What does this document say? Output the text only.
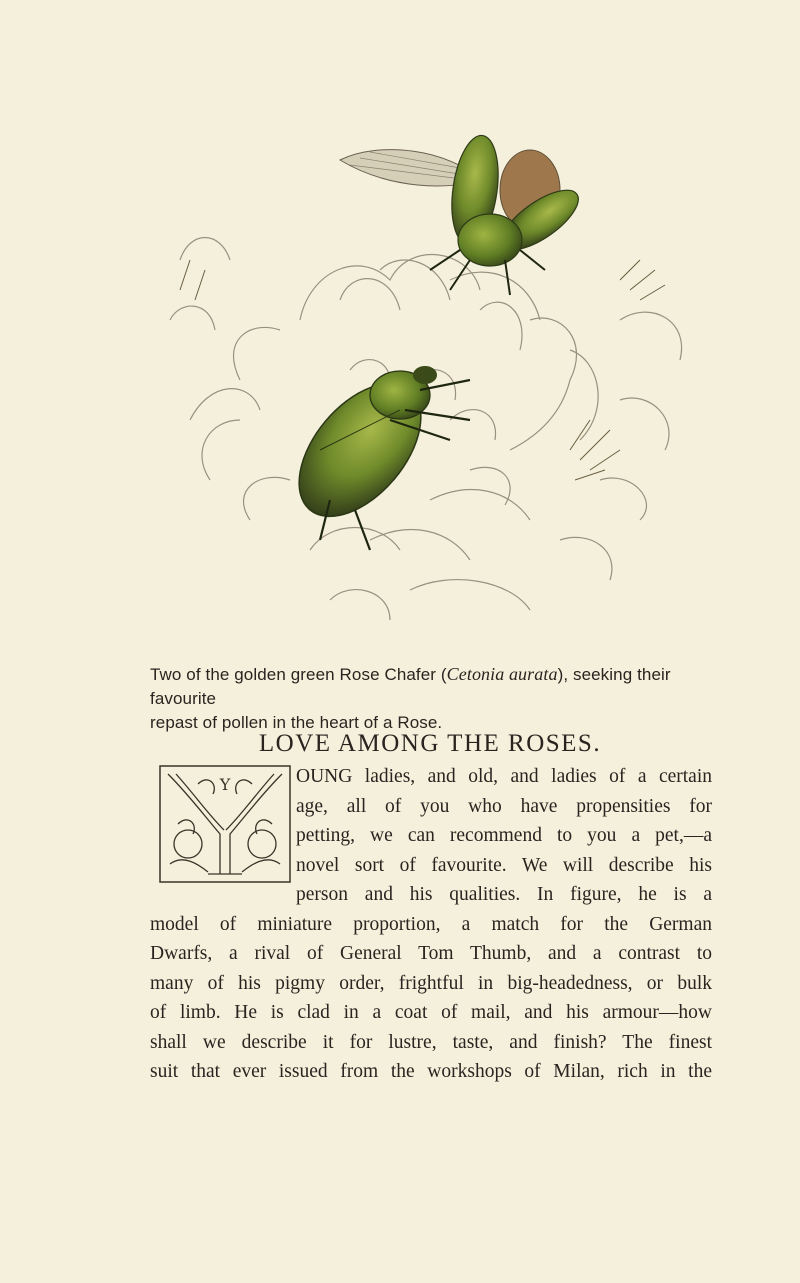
Two of the golden green Rose Chafer (Cetonia aurata), seeking their favourite
repast of pollen in the heart of a Rose.
LOVE AMONG THE ROSES.
Y	OUNG ladies, and old, and ladies of a certain
age, all of you who have propensities for
petting, we can recommend to you a pet,—a
novel sort of favourite. We will describe his
person and his qualities. In figure, he is a
model of miniature proportion, a match for the German
Dwarfs, a rival of General Tom Thumb, and a contrast to
many of his pigmy order, frightful in big-headedness, or bulk
of limb. He is clad in a coat of mail, and his armour—how
shall we describe it for lustre, taste, and finish? The finest
suit that ever issued from the workshops of Milan, rich in the
